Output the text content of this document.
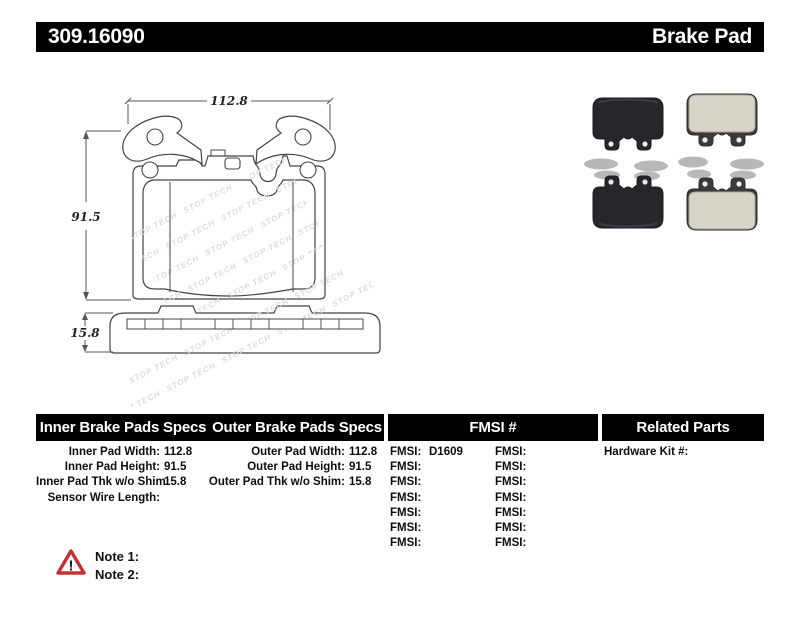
309.16090	Brake Pad
STOP TECH
112.8
91.5
15.8
Inner Brake Pads Specs Outer Brake Pads Specs	FMSI #	Related Parts
Inner Pad Width: 112.8
Inner Pad Height: 91.5
Inner Pad Thk w/o Shim:
15.8
Sensor Wire Length:
Outer Pad Width: 112.8
Outer Pad Height: 91.5
Outer Pad Thk w/o Shim: 15.8
FMSI: D1609
FMSI:
FMSI:
FMSI:
FMSI:
FMSI:
FMSI:
FMSI:
FMSI:
FMSI:
FMSI:
FMSI:
FMSI:
FMSI:
Hardware Kit #:
!
Note 1:
Note 2:
